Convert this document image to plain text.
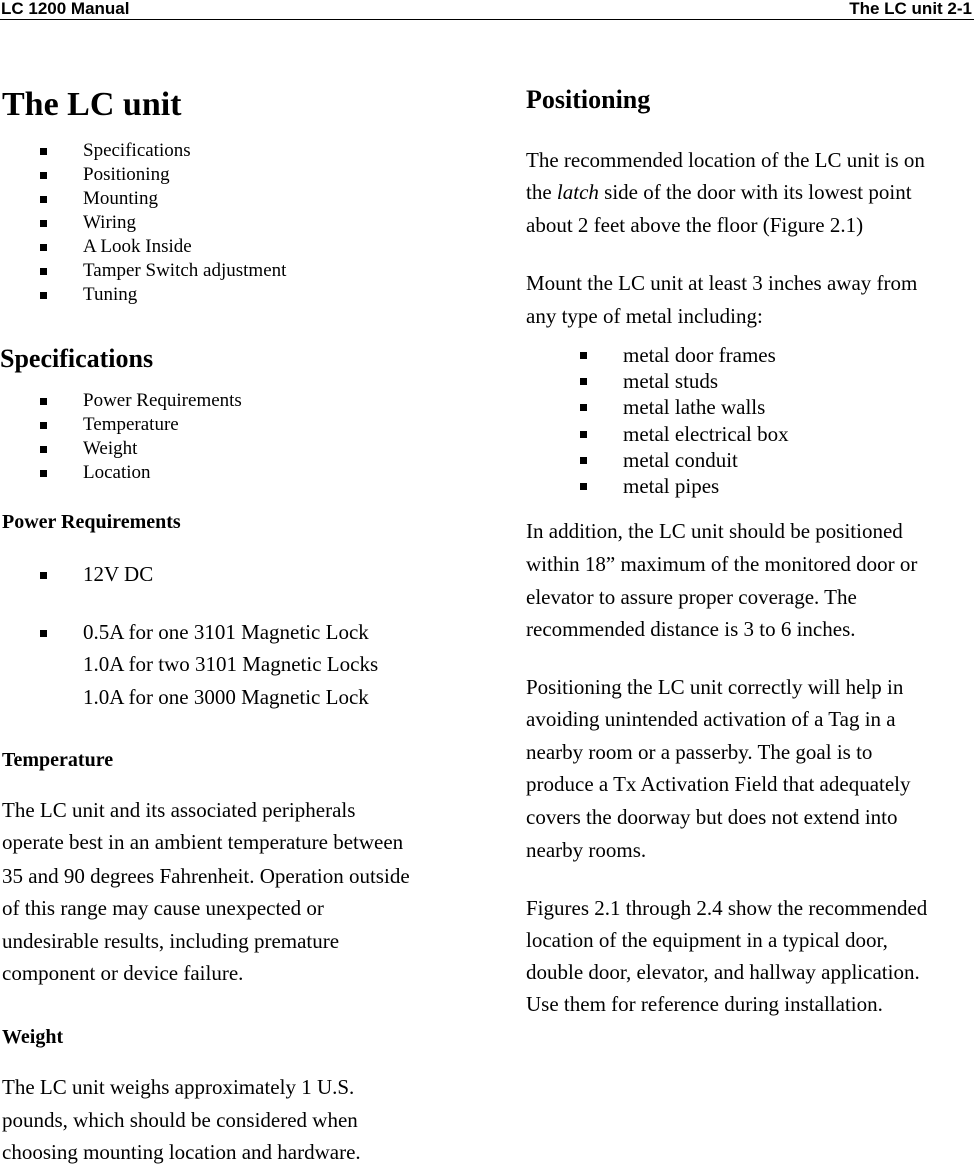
LC 1200 Manual	The LC unit 2-1
The LC unit
Specifications
Positioning
Mounting
Wiring
A Look Inside
Tamper Switch adjustment
Tuning
Specifications
Power Requirements
Temperature
Weight
Location
Power Requirements
12V DC
0.5A for one 3101 Magnetic Lock
1.0A for two 3101 Magnetic Locks
1.0A for one 3000 Magnetic Lock
Temperature
The LC unit and its associated peripherals
operate best in an ambient temperature between
35 and 90 degrees Fahrenheit. Operation outside
of this range may cause unexpected or
undesirable results, including premature
component or device failure.
Weight
The LC unit weighs approximately 1 U.S.
pounds, which should be considered when
choosing mounting location and hardware.
Positioning
The recommended location of the LC unit is on
the latch side of the door with its lowest point
about 2 feet above the floor (Figure 2.1)
Mount the LC unit at least 3 inches away from
any type of metal including:
metal door frames
metal studs
metal lathe walls
metal electrical box
metal conduit
metal pipes
In addition, the LC unit should be positioned
within 18” maximum of the monitored door or
elevator to assure proper coverage. The
recommended distance is 3 to 6 inches.
Positioning the LC unit correctly will help in
avoiding unintended activation of a Tag in a
nearby room or a passerby. The goal is to
produce a Tx Activation Field that adequately
covers the doorway but does not extend into
nearby rooms.
Figures 2.1 through 2.4 show the recommended
location of the equipment in a typical door,
double door, elevator, and hallway application.
Use them for reference during installation.
